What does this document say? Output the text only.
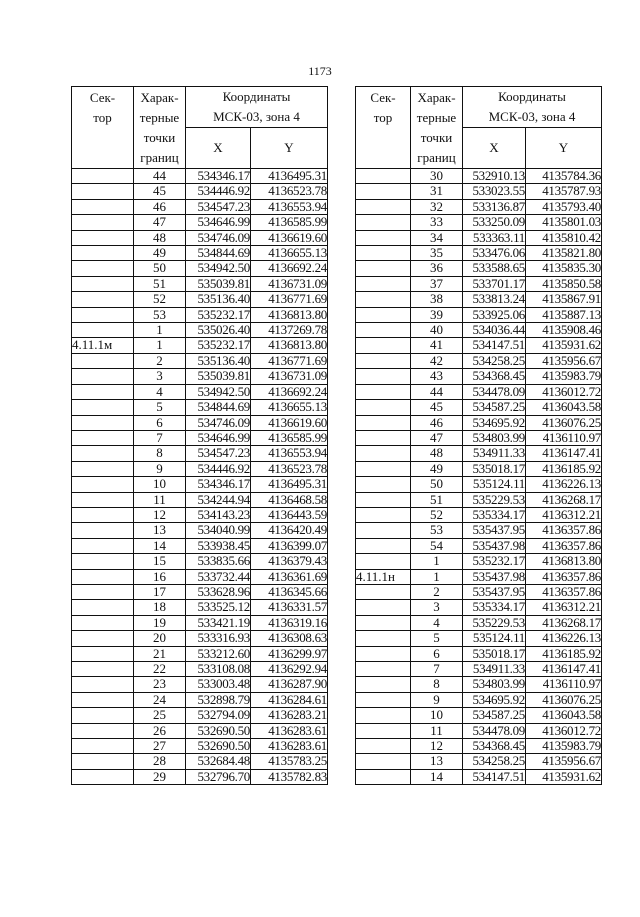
1173
Сек-
тор	Харак-
терные
точки
границ	Координаты
МСК-03, зона 4	

		X	Y
	44	534346.17	4136495.31
	45	534446.92	4136523.78
	46	534547.23	4136553.94
	47	534646.99	4136585.99
	48	534746.09	4136619.60
	49	534844.69	4136655.13
	50	534942.50	4136692.24
	51	535039.81	4136731.09
	52	535136.40	4136771.69
	53	535232.17	4136813.80
	1	535026.40	4137269.78
4.11.1м	1	535232.17	4136813.80
	2	535136.40	4136771.69
	3	535039.81	4136731.09
	4	534942.50	4136692.24
	5	534844.69	4136655.13
	6	534746.09	4136619.60
	7	534646.99	4136585.99
	8	534547.23	4136553.94
	9	534446.92	4136523.78
	10	534346.17	4136495.31
	11	534244.94	4136468.58
	12	534143.23	4136443.59
	13	534040.99	4136420.49
	14	533938.45	4136399.07
	15	533835.66	4136379.43
	16	533732.44	4136361.69
	17	533628.96	4136345.66
	18	533525.12	4136331.57
	19	533421.19	4136319.16
	20	533316.93	4136308.63
	21	533212.60	4136299.97
	22	533108.08	4136292.94
	23	533003.48	4136287.90
	24	532898.79	4136284.61
	25	532794.09	4136283.21
	26	532690.50	4136283.61
	27	532690.50	4136283.61
	28	532684.48	4135783.25
	29	532796.70	4135782.83
Сек-
тор	Харак-
терные
точки
границ	Координаты
МСК-03, зона 4	

		X	Y
	30	532910.13	4135784.36
	31	533023.55	4135787.93
	32	533136.87	4135793.40
	33	533250.09	4135801.03
	34	533363.11	4135810.42
	35	533476.06	4135821.80
	36	533588.65	4135835.30
	37	533701.17	4135850.58
	38	533813.24	4135867.91
	39	533925.06	4135887.13
	40	534036.44	4135908.46
	41	534147.51	4135931.62
	42	534258.25	4135956.67
	43	534368.45	4135983.79
	44	534478.09	4136012.72
	45	534587.25	4136043.58
	46	534695.92	4136076.25
	47	534803.99	4136110.97
	48	534911.33	4136147.41
	49	535018.17	4136185.92
	50	535124.11	4136226.13
	51	535229.53	4136268.17
	52	535334.17	4136312.21
	53	535437.95	4136357.86
	54	535437.98	4136357.86
	1	535232.17	4136813.80
4.11.1н	1	535437.98	4136357.86
	2	535437.95	4136357.86
	3	535334.17	4136312.21
	4	535229.53	4136268.17
	5	535124.11	4136226.13
	6	535018.17	4136185.92
	7	534911.33	4136147.41
	8	534803.99	4136110.97
	9	534695.92	4136076.25
	10	534587.25	4136043.58
	11	534478.09	4136012.72
	12	534368.45	4135983.79
	13	534258.25	4135956.67
	14	534147.51	4135931.62
